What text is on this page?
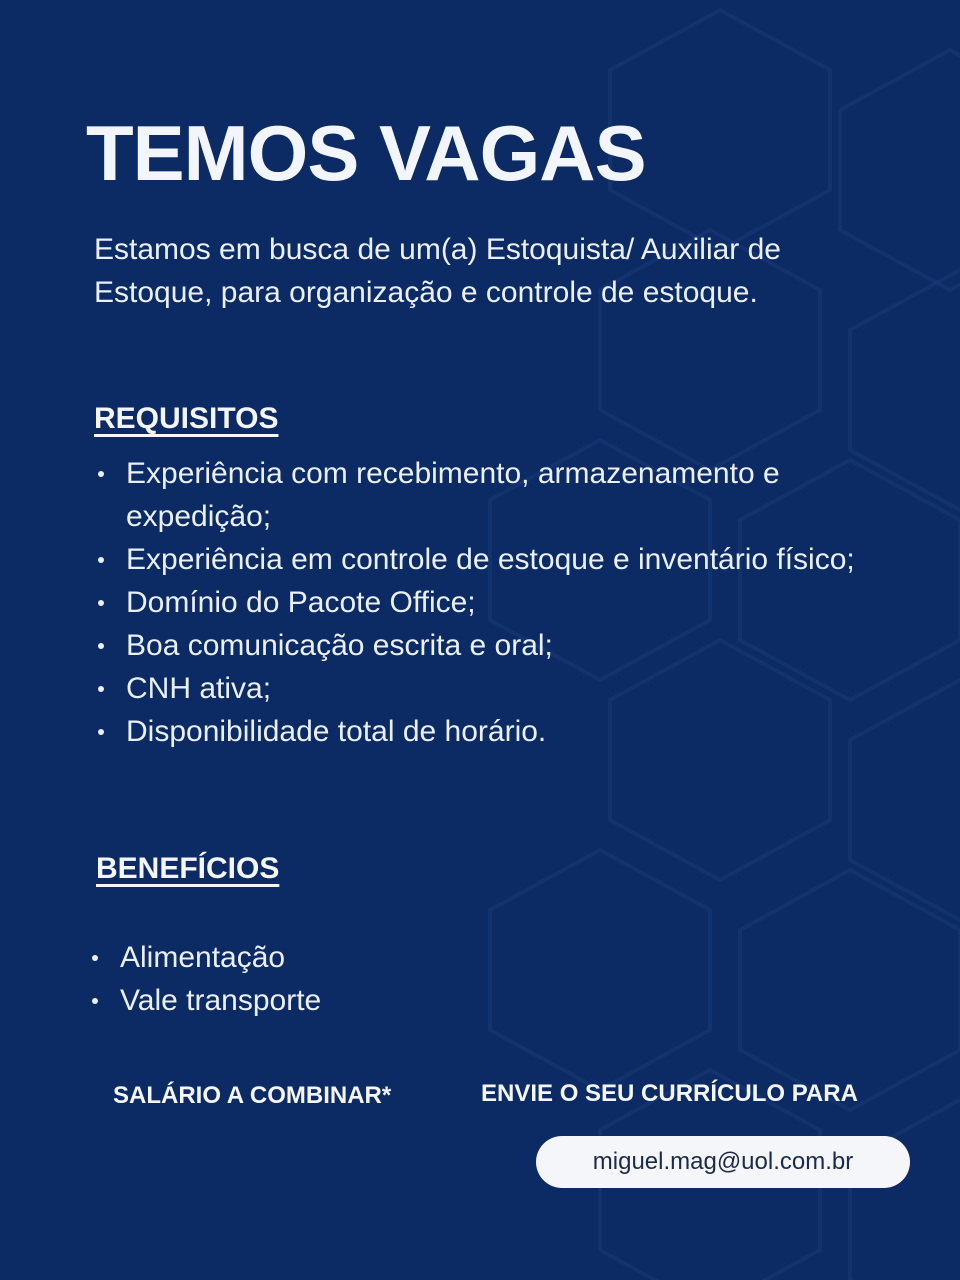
TEMOS VAGAS

Estamos em busca de um(a) Estoquista/ Auxiliar de Estoque, para organização e controle de estoque.

REQUISITOS
Experiência com recebimento, armazenamento e expedição;
Experiência em controle de estoque e inventário físico;
Domínio do Pacote Office;
Boa comunicação escrita e oral;
CNH ativa;
Disponibilidade total de horário.
BENEFÍCIOS
Alimentação
Vale transporte

SALÁRIO A COMBINAR*	ENVIE O SEU CURRÍCULO PARA

miguel.mag@uol.com.br
